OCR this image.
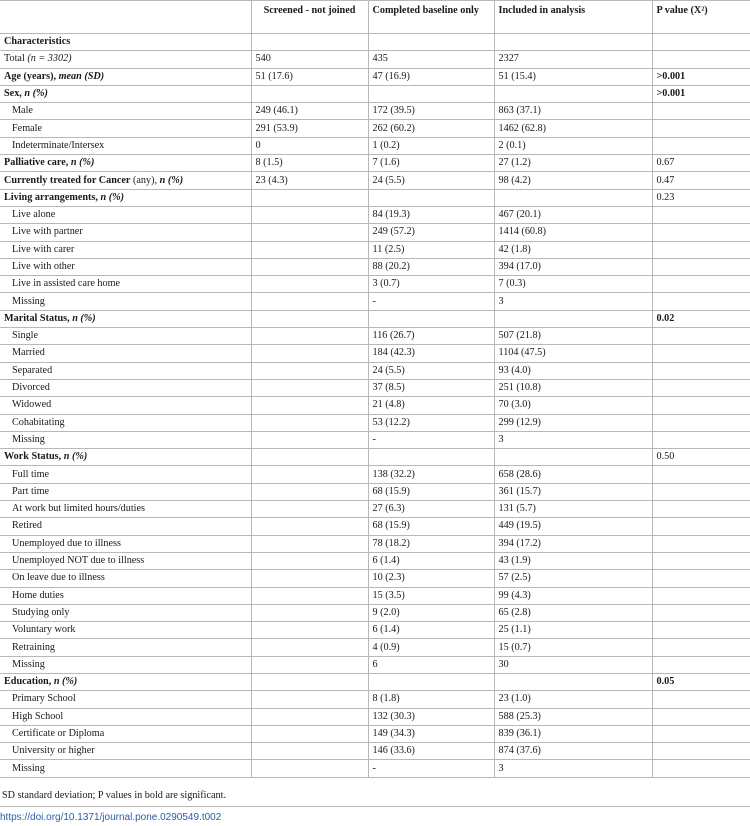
	Screened - not joined	Completed baseline only	Included in analysis	P value (X²)
Characteristics				
Total (n = 3302)	540	435	2327	
Age (years), mean (SD)	51 (17.6)	47 (16.9)	51 (15.4)	>0.001
Sex, n (%)				>0.001
Male	249 (46.1)	172 (39.5)	863 (37.1)	
Female	291 (53.9)	262 (60.2)	1462 (62.8)	
Indeterminate/Intersex	0	1 (0.2)	2 (0.1)	
Palliative care, n (%)	8 (1.5)	7 (1.6)	27 (1.2)	0.67
Currently treated for Cancer (any), n (%)	23 (4.3)	24 (5.5)	98 (4.2)	0.47
Living arrangements, n (%)				0.23
Live alone		84 (19.3)	467 (20.1)	
Live with partner		249 (57.2)	1414 (60.8)	
Live with carer		11 (2.5)	42 (1.8)	
Live with other		88 (20.2)	394 (17.0)	
Live in assisted care home		3 (0.7)	7 (0.3)	
Missing		-	3	
Marital Status, n (%)				0.02
Single		116 (26.7)	507 (21.8)	
Married		184 (42.3)	1104 (47.5)	
Separated		24 (5.5)	93 (4.0)	
Divorced		37 (8.5)	251 (10.8)	
Widowed		21 (4.8)	70 (3.0)	
Cohabitating		53 (12.2)	299 (12.9)	
Missing		-	3	
Work Status, n (%)				0.50
Full time		138 (32.2)	658 (28.6)	
Part time		68 (15.9)	361 (15.7)	
At work but limited hours/duties		27 (6.3)	131 (5.7)	
Retired		68 (15.9)	449 (19.5)	
Unemployed due to illness		78 (18.2)	394 (17.2)	
Unemployed NOT due to illness		6 (1.4)	43 (1.9)	
On leave due to illness		10 (2.3)	57 (2.5)	
Home duties		15 (3.5)	99 (4.3)	
Studying only		9 (2.0)	65 (2.8)	
Voluntary work		6 (1.4)	25 (1.1)	
Retraining		4 (0.9)	15 (0.7)	
Missing		6	30	
Education, n (%)				0.05
Primary School		8 (1.8)	23 (1.0)	
High School		132 (30.3)	588 (25.3)	
Certificate or Diploma		149 (34.3)	839 (36.1)	
University or higher		146 (33.6)	874 (37.6)	
Missing		-	3	
SD standard deviation; P values in bold are significant.
https://doi.org/10.1371/journal.pone.0290549.t002
